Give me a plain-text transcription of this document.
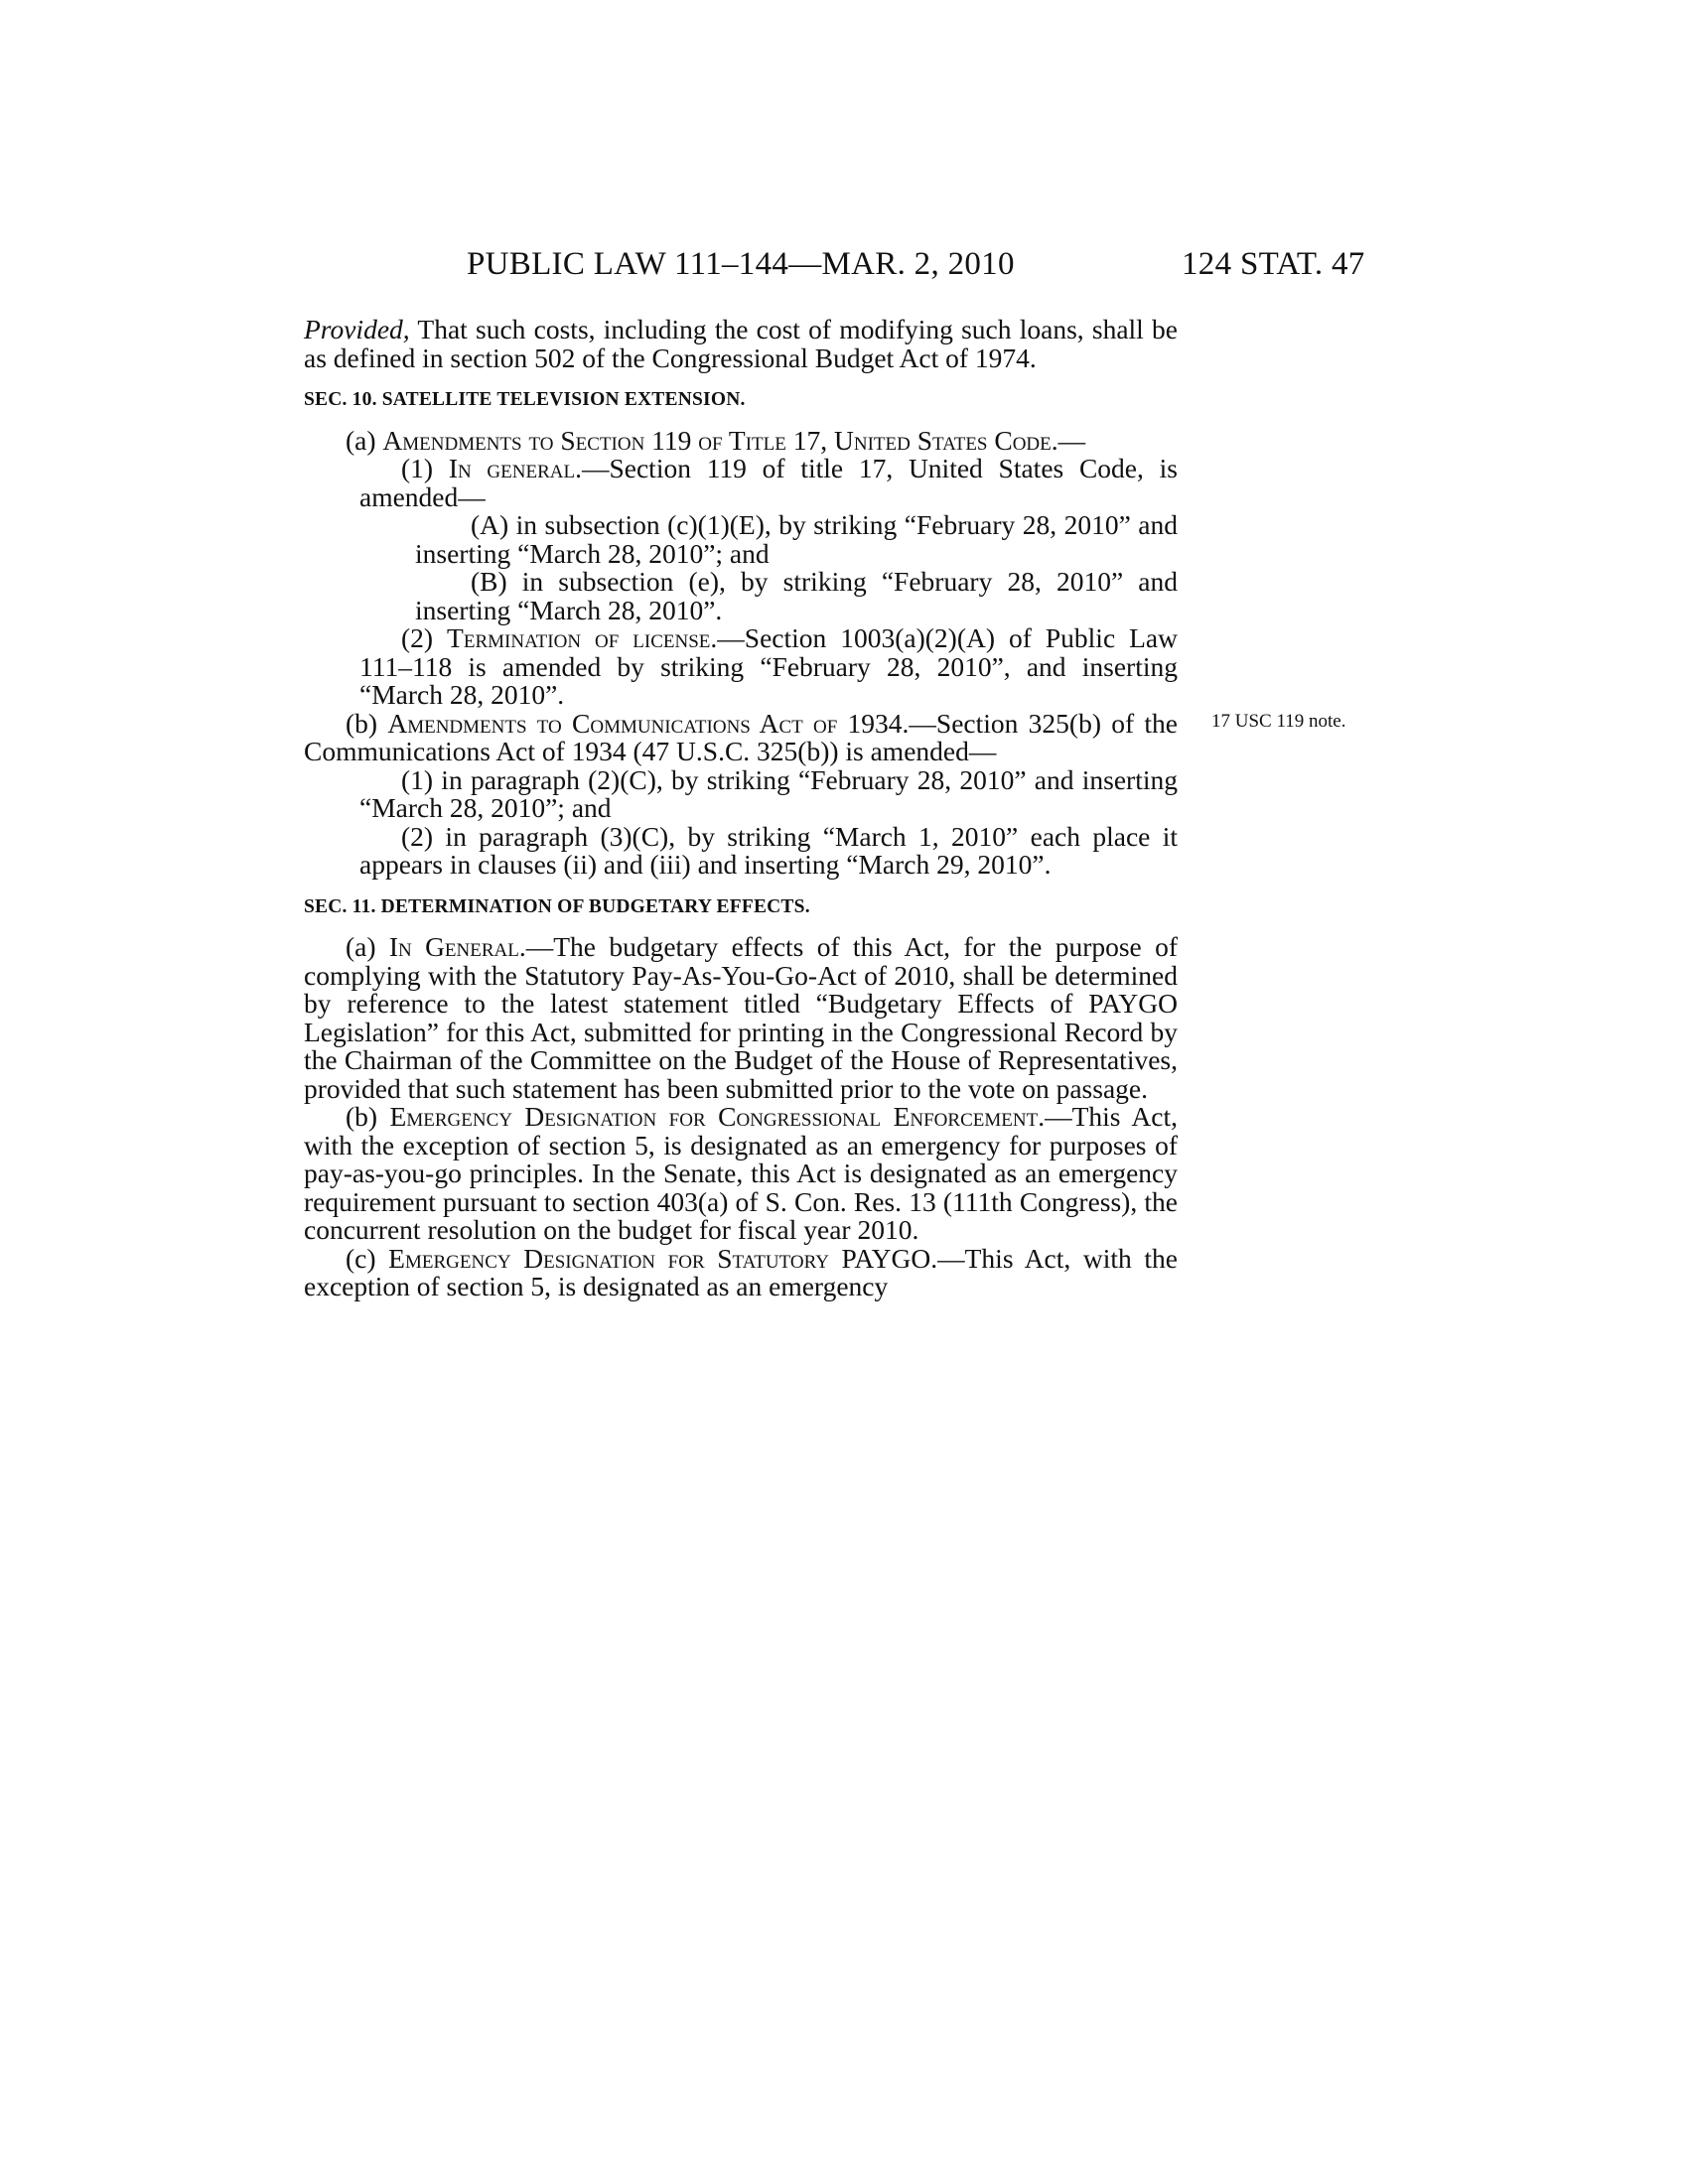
PUBLIC LAW 111–144—MAR. 2, 2010	124 STAT. 47
17 USC 119 note.

Provided, That such costs, including the cost of modifying such loans, shall be as defined in section 502 of the Congressional Budget Act of 1974.

SEC. 10. SATELLITE TELEVISION EXTENSION.

(a) Amendments to Section 119 of Title 17, United States Code.—

(1) In general.—Section 119 of title 17, United States Code, is amended—

(A) in subsection (c)(1)(E), by striking “February 28, 2010” and inserting “March 28, 2010”; and

(B) in subsection (e), by striking “February 28, 2010” and inserting “March 28, 2010”.

(2) Termination of license.—Section 1003(a)(2)(A) of Public Law 111–118 is amended by striking “February 28, 2010”, and inserting “March 28, 2010”.

(b) Amendments to Communications Act of 1934.—Section 325(b) of the Communications Act of 1934 (47 U.S.C. 325(b)) is amended—

(1) in paragraph (2)(C), by striking “February 28, 2010” and inserting “March 28, 2010”; and

(2) in paragraph (3)(C), by striking “March 1, 2010” each place it appears in clauses (ii) and (iii) and inserting “March 29, 2010”.

SEC. 11. DETERMINATION OF BUDGETARY EFFECTS.

(a) In General.—The budgetary effects of this Act, for the purpose of complying with the Statutory Pay-As-You-Go-Act of 2010, shall be determined by reference to the latest statement titled “Budgetary Effects of PAYGO Legislation” for this Act, submitted for printing in the Congressional Record by the Chairman of the Committee on the Budget of the House of Representatives, provided that such statement has been submitted prior to the vote on passage.

(b) Emergency Designation for Congressional Enforcement.—This Act, with the exception of section 5, is designated as an emergency for purposes of pay-as-you-go principles. In the Senate, this Act is designated as an emergency requirement pursuant to section 403(a) of S. Con. Res. 13 (111th Congress), the concurrent resolution on the budget for fiscal year 2010.

(c) Emergency Designation for Statutory PAYGO.—This Act, with the exception of section 5, is designated as an emergency
